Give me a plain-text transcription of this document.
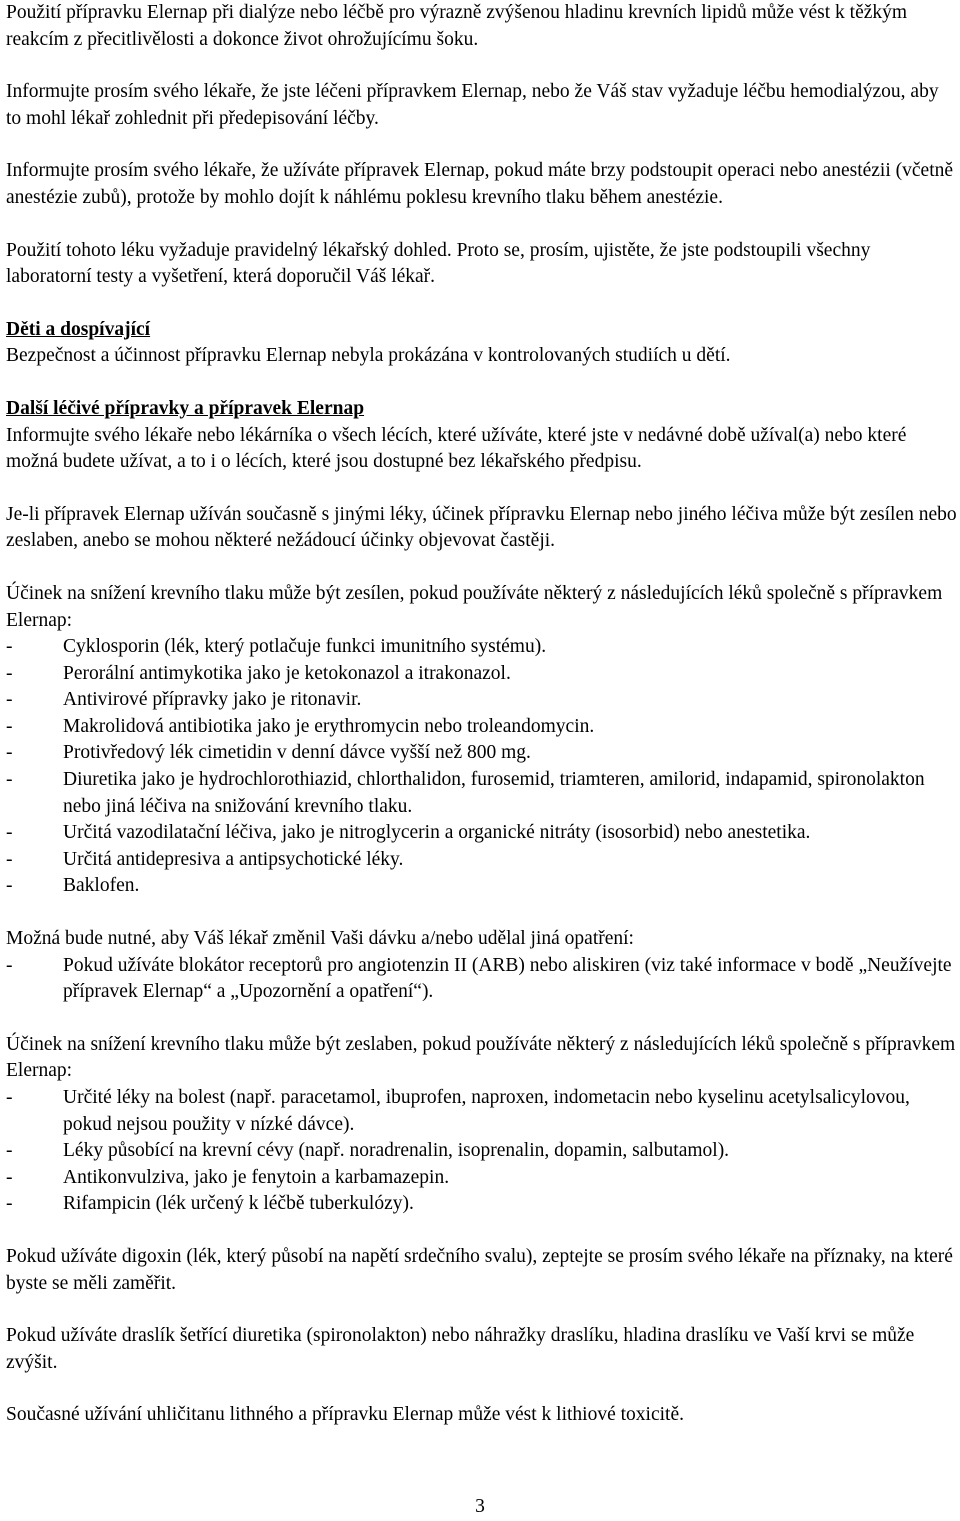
Použití přípravku Elernap při dialýze nebo léčbě pro výrazně zvýšenou hladinu krevních lipidů může vést k těžkým reakcím z přecitlivělosti a dokonce život ohrožujícímu šoku.

Informujte prosím svého lékaře, že jste léčeni přípravkem Elernap, nebo že Váš stav vyžaduje léčbu hemodialýzou, aby to mohl lékař zohlednit při předepisování léčby.

Informujte prosím svého lékaře, že užíváte přípravek Elernap, pokud máte brzy podstoupit operaci nebo anestézii (včetně anestézie zubů), protože by mohlo dojít k náhlému poklesu krevního tlaku během anestézie.

Použití tohoto léku vyžaduje pravidelný lékařský dohled. Proto se, prosím, ujistěte, že jste podstoupili všechny laboratorní testy a vyšetření, která doporučil Váš lékař.

Děti a dospívající

Bezpečnost a účinnost přípravku Elernap nebyla prokázána v kontrolovaných studiích u dětí.

Další léčivé přípravky a přípravek Elernap

Informujte svého lékaře nebo lékárníka o všech lécích, které užíváte, které jste v nedávné době užíval(a) nebo které možná budete užívat, a to i o lécích, které jsou dostupné bez lékařského předpisu.

Je-li přípravek Elernap užíván současně s jinými léky, účinek přípravku Elernap nebo jiného léčiva může být zesílen nebo zeslaben, anebo se mohou některé nežádoucí účinky objevovat častěji.

Účinek na snížení krevního tlaku může být zesílen, pokud používáte některý z následujících léků společně s přípravkem Elernap:

- Cyklosporin (lék, který potlačuje funkci imunitního systému).
- Perorální antimykotika jako je ketokonazol a itrakonazol.
- Antivirové přípravky jako je ritonavir.
- Makrolidová antibiotika jako je erythromycin nebo troleandomycin.
- Protivředový lék cimetidin v denní dávce vyšší než 800 mg.
- Diuretika jako je hydrochlorothiazid, chlorthalidon, furosemid, triamteren, amilorid, indapamid, spironolakton nebo jiná léčiva na snižování krevního tlaku.
- Určitá vazodilatační léčiva, jako je nitroglycerin a organické nitráty (isosorbid) nebo anestetika.
- Určitá antidepresiva a antipsychotické léky.
- Baklofen.

Možná bude nutné, aby Váš lékař změnil Vaši dávku a/nebo udělal jiná opatření:

- Pokud užíváte blokátor receptorů pro angiotenzin II (ARB) nebo aliskiren (viz také informace v bodě „Neužívejte přípravek Elernap“ a „Upozornění a opatření“).

Účinek na snížení krevního tlaku může být zeslaben, pokud používáte některý z následujících léků společně s přípravkem Elernap:

- Určité léky na bolest (např. paracetamol, ibuprofen, naproxen, indometacin nebo kyselinu acetylsalicylovou, pokud nejsou použity v nízké dávce).
- Léky působící na krevní cévy (např. noradrenalin, isoprenalin, dopamin, salbutamol).
- Antikonvulziva, jako je fenytoin a karbamazepin.
- Rifampicin (lék určený k léčbě tuberkulózy).

Pokud užíváte digoxin (lék, který působí na napětí srdečního svalu), zeptejte se prosím svého lékaře na příznaky, na které byste se měli zaměřit.

Pokud užíváte draslík šetřící diuretika (spironolakton) nebo náhražky draslíku, hladina draslíku ve Vaší krvi se může zvýšit.

Současné užívání uhličitanu lithného a přípravku Elernap může vést k lithiové toxicitě.

3
